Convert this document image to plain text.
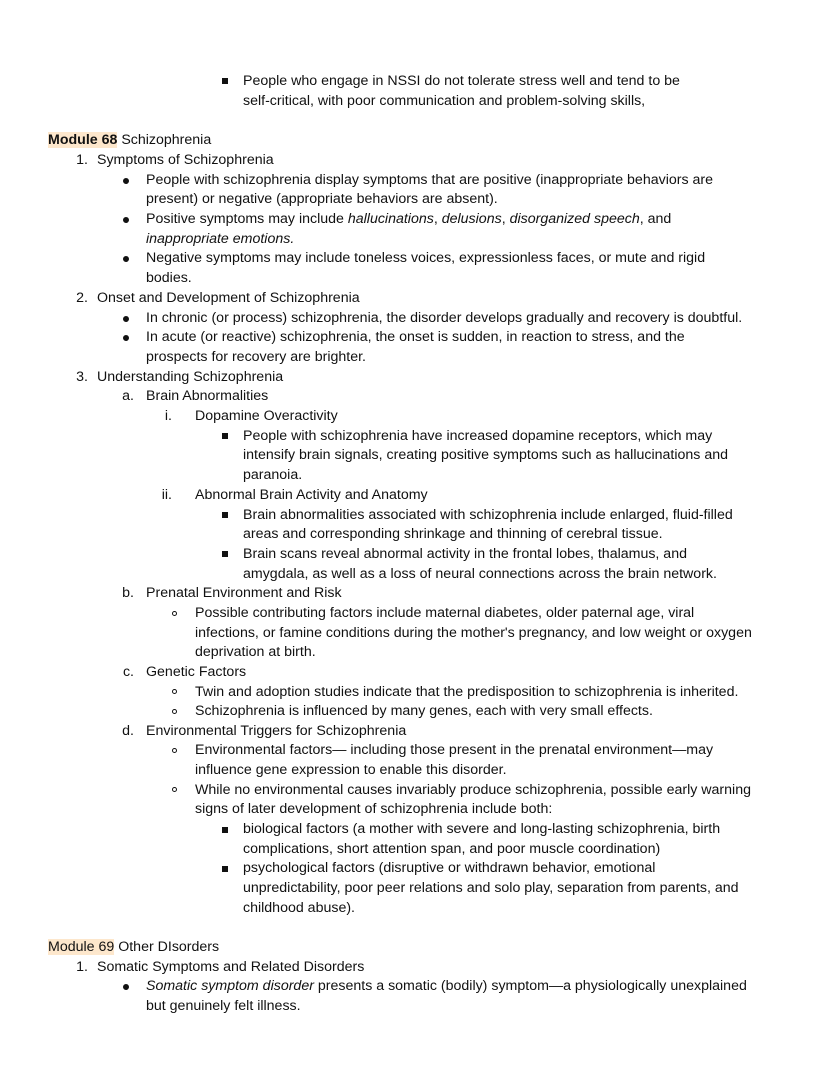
People who engage in NSSI do not tolerate stress well and tend to be
self-critical, with poor communication and problem-solving skills,
Module 68 Schizophrenia
1. Symptoms of Schizophrenia
People with schizophrenia display symptoms that are positive (inappropriate behaviors are
present) or negative (appropriate behaviors are absent).
Positive symptoms may include hallucinations, delusions, disorganized speech, and
inappropriate emotions.
Negative symptoms may include toneless voices, expressionless faces, or mute and rigid
bodies.
2. Onset and Development of Schizophrenia
In chronic (or process) schizophrenia, the disorder develops gradually and recovery is doubtful.
In acute (or reactive) schizophrenia, the onset is sudden, in reaction to stress, and the
prospects for recovery are brighter.
3. Understanding Schizophrenia
a. Brain Abnormalities
i. Dopamine Overactivity
People with schizophrenia have increased dopamine receptors, which may
intensify brain signals, creating positive symptoms such as hallucinations and
paranoia.
ii. Abnormal Brain Activity and Anatomy
Brain abnormalities associated with schizophrenia include enlarged, fluid-filled
areas and corresponding shrinkage and thinning of cerebral tissue.
Brain scans reveal abnormal activity in the frontal lobes, thalamus, and
amygdala, as well as a loss of neural connections across the brain network.
b. Prenatal Environment and Risk
Possible contributing factors include maternal diabetes, older paternal age, viral
infections, or famine conditions during the mother's pregnancy, and low weight or oxygen
deprivation at birth.
c. Genetic Factors
Twin and adoption studies indicate that the predisposition to schizophrenia is inherited.
Schizophrenia is influenced by many genes, each with very small effects.
d. Environmental Triggers for Schizophrenia
Environmental factors— including those present in the prenatal environment—may
influence gene expression to enable this disorder.
While no environmental causes invariably produce schizophrenia, possible early warning
signs of later development of schizophrenia include both:
biological factors (a mother with severe and long-lasting schizophrenia, birth
complications, short attention span, and poor muscle coordination)
psychological factors (disruptive or withdrawn behavior, emotional
unpredictability, poor peer relations and solo play, separation from parents, and
childhood abuse).
Module 69 Other DIsorders
1. Somatic Symptoms and Related Disorders
Somatic symptom disorder presents a somatic (bodily) symptom—a physiologically unexplained
but genuinely felt illness.
